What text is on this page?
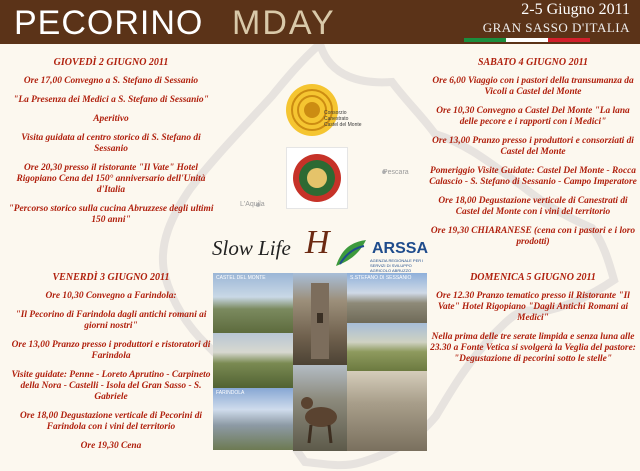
PECORINO MDAY	2-5 Giugno 2011
GRAN SASSO D'ITALIA
Pescara
L'Aquila
GIOVEDÌ 2 GIUGNO 2011

Ore 17,00 Convegno a S. Stefano di Sessanio

"La Presenza dei Medici a S. Stefano di Sessanio"

Aperitivo

Visita guidata al centro storico di S. Stefano di Sessanio

Ore 20,30 presso il ristorante "Il Vate" Hotel Rigopiano Cena del 150° anniversario dell'Unità d'Italia

"Percorso storico sulla cucina Abruzzese degli ultimi 150 anni"

VENERDÌ 3 GIUGNO 2011

Ore 10,30 Convegno a Farindola:

"Il Pecorino di Farindola dagli antichi romani ai giorni nostri"

Ore 13,00 Pranzo presso i produttori e ristoratori di Farindola

Visite guidate: Penne - Loreto Aprutino - Carpineto della Nora - Castelli - Isola del Gran Sasso - S. Gabriele

Ore 18,00 Degustazione verticale di Pecorini di Farindola con i vini del territorio

Ore 19,30 Cena

SABATO 4 GIUGNO 2011

Ore 6,00 Viaggio con i pastori della transumanza da Vicoli a Castel del Monte

Ore 10,30 Convegno a Castel Del Monte "La lana delle pecore e i rapporti con i Medici"

Ore 13,00 Pranzo presso i produttori e consorziati di Castel del Monte

Pomeriggio Visite Guidate: Castel Del Monte - Rocca Calascio - S. Stefano di Sessanio - Campo Imperatore

Ore 18,00 Degustazione verticale di Canestrati di Castel del Monte con i vini del territorio

Ore 19,30 CHIARANESE (cena con i pastori e i loro prodotti)

DOMENICA 5 GIUGNO 2011

Ore 12.30 Pranzo tematico presso il Ristorante "Il Vate" Hotel Rigopiano "Dagli Antichi Romani ai Medici"

Nella prima delle tre serate limpida e senza luna alle 23.30 a Fonte Vetica si svolgerà la Veglia del pastore: "Degustazione di pecorini sotto le stelle"

Consorzio Canestrato Castel del Monte
Slow Life H	ARSSA
AGENZIA REGIONALE PER I SERVIZI DI SVILUPPO AGRICOLO ABRUZZO
CASTEL DEL MONTE
FARINDOLA
S.STEFANO DI SESSANIO
